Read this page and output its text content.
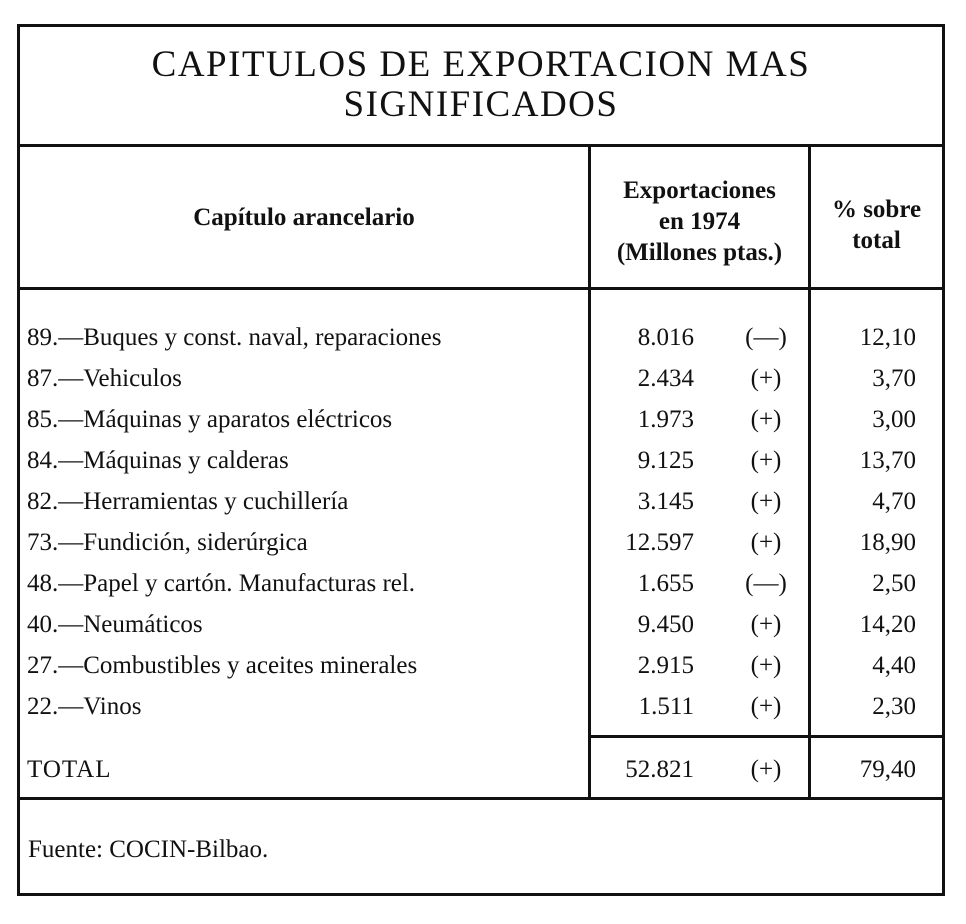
CAPITULOS DE EXPORTACION MAS
SIGNIFICADOS
Capítulo arancelario
Exportaciones
en 1974
(Millones ptas.)
% sobre
total
89.—Buques y const. naval, reparaciones	8.016 (—)	12,10
87.—Vehiculos	2.434	(+)	3,70
85.—Máquinas y aparatos eléctricos	1.973	(+)	3,00
84.—Máquinas y calderas	9.125	(+)	13,70
82.—Herramientas y cuchillería	3.145	(+)	4,70
73.—Fundición, siderúrgica	12.597	(+)	18,90
48.—Papel y cartón. Manufacturas rel.	1.655 (—)	2,50
40.—Neumáticos	9.450	(+)	14,20
27.—Combustibles y aceites minerales	2.915	(+)	4,40
22.—Vinos	1.511	(+)	2,30
TOTAL	52.821	(+)	79,40
Fuente: COCIN-Bilbao.
